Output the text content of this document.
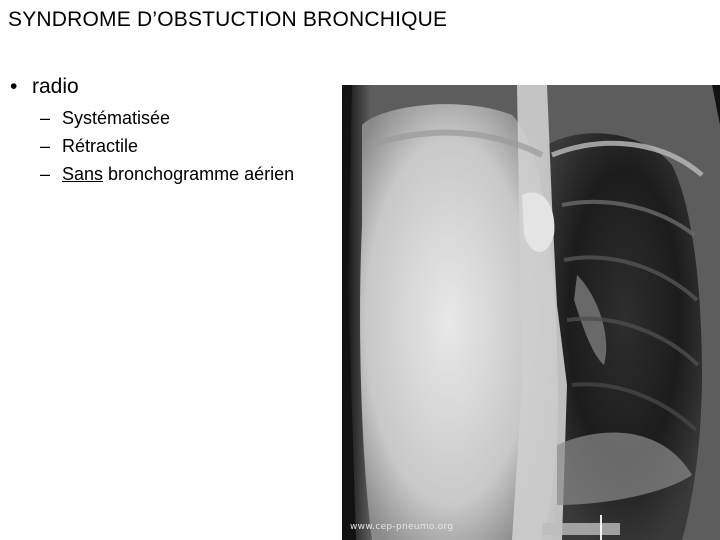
SYNDROME D’OBSTUCTION BRONCHIQUE
• radio
– Systématisée
– Rétractile
– Sans bronchogramme aérien
www.cep-pneumo.org
